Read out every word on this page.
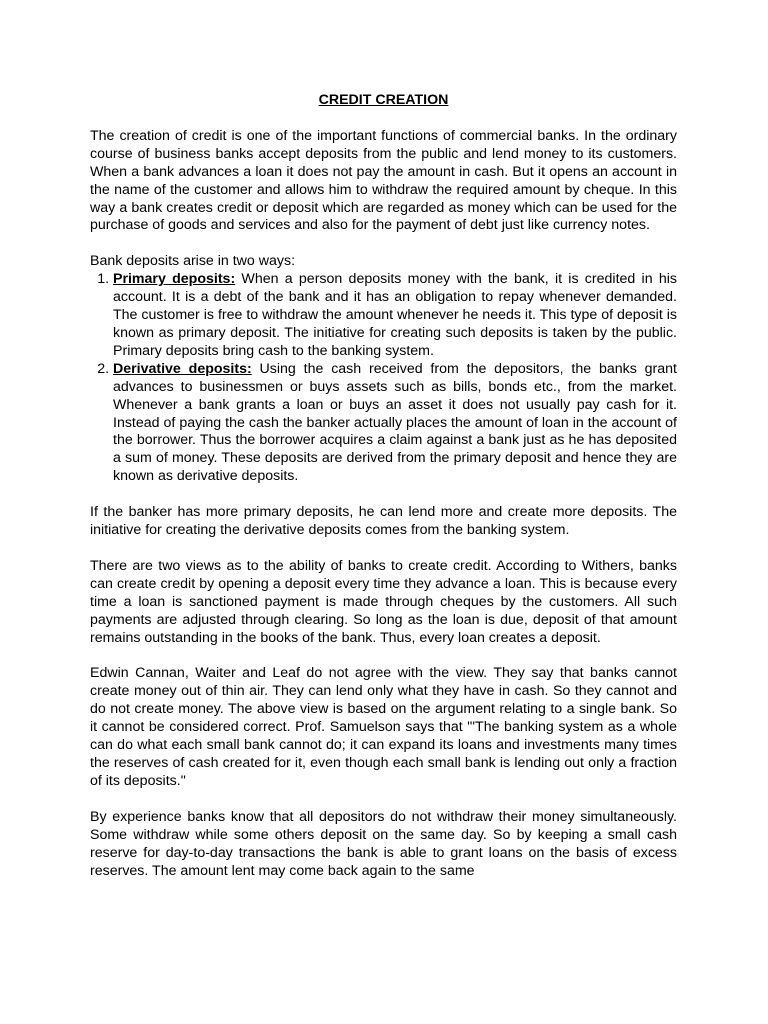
CREDIT CREATION

The creation of credit is one of the important functions of commercial banks. In the ordinary course of business banks accept deposits from the public and lend money to its customers. When a bank advances a loan it does not pay the amount in cash. But it opens an account in the name of the customer and allows him to withdraw the required amount by cheque. In this way a bank creates credit or deposit which are regarded as money which can be used for the purchase of goods and services and also for the payment of debt just like currency notes.

Bank deposits arise in two ways:

1. Primary deposits: When a person deposits money with the bank, it is credited in his account. It is a debt of the bank and it has an obligation to repay whenever demanded. The customer is free to withdraw the amount whenever he needs it. This type of deposit is known as primary deposit. The initiative for creating such deposits is taken by the public. Primary deposits bring cash to the banking system.
2. Derivative deposits: Using the cash received from the depositors, the banks grant advances to businessmen or buys assets such as bills, bonds etc., from the market. Whenever a bank grants a loan or buys an asset it does not usually pay cash for it. Instead of paying the cash the banker actually places the amount of loan in the account of the borrower. Thus the borrower acquires a claim against a bank just as he has deposited a sum of money. These deposits are derived from the primary deposit and hence they are known as derivative deposits.

If the banker has more primary deposits, he can lend more and create more deposits. The initiative for creating the derivative deposits comes from the banking system.

There are two views as to the ability of banks to create credit. According to Withers, banks can create credit by opening a deposit every time they advance a loan. This is because every time a loan is sanctioned payment is made through cheques by the customers. All such payments are adjusted through clearing. So long as the loan is due, deposit of that amount remains outstanding in the books of the bank. Thus, every loan creates a deposit.

Edwin Cannan, Waiter and Leaf do not agree with the view. They say that banks cannot create money out of thin air. They can lend only what they have in cash. So they cannot and do not create money. The above view is based on the argument relating to a single bank. So it cannot be considered correct. Prof. Samuelson says that "'The banking system as a whole can do what each small bank cannot do; it can expand its loans and investments many times the reserves of cash created for it, even though each small bank is lending out only a fraction of its deposits."

By experience banks know that all depositors do not withdraw their money simultaneously. Some withdraw while some others deposit on the same day. So by keeping a small cash reserve for day-to-day transactions the bank is able to grant loans on the basis of excess reserves. The amount lent may come back again to the same
